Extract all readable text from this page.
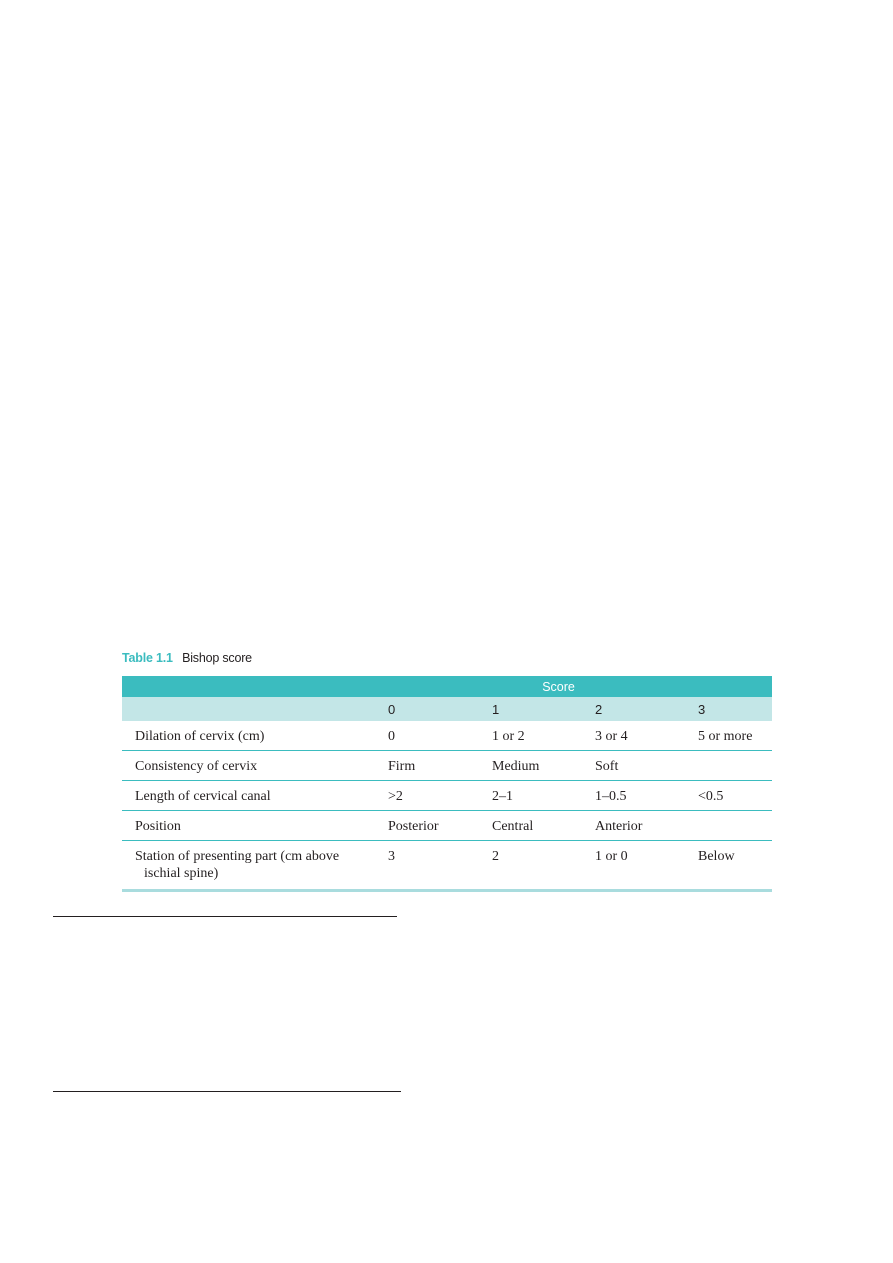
Table 1.1 Bishop score
	Score			
	0	1	2	3
Dilation of cervix (cm)	0	1 or 2	3 or 4	5 or more
Consistency of cervix	Firm	Medium	Soft	
Length of cervical canal	>2	2–1	1–0.5	<0.5
Position	Posterior	Central	Anterior	
Station of presenting part (cm above
ischial spine)	3	2	1 or 0	Below
